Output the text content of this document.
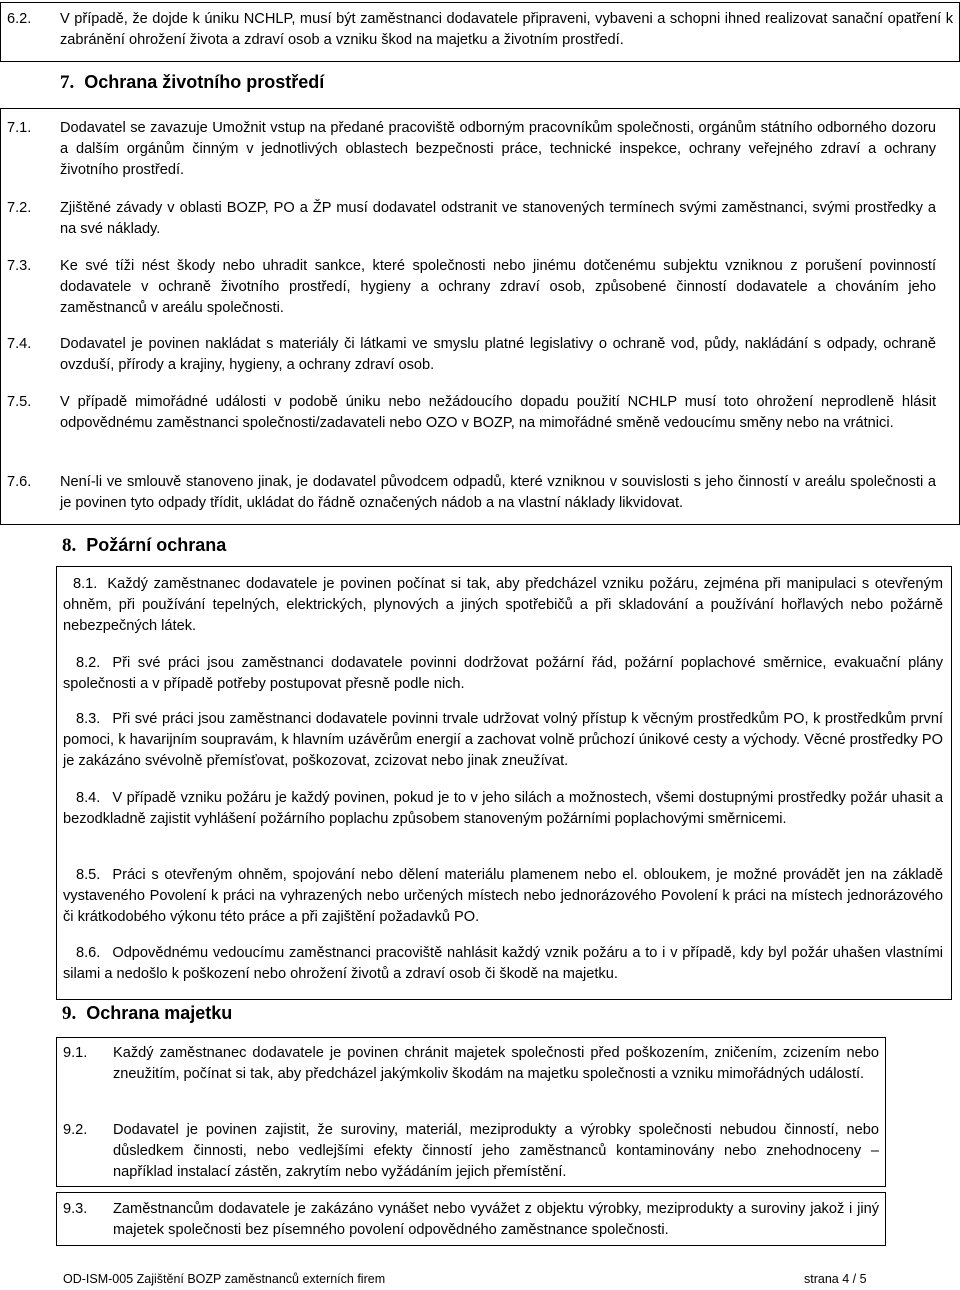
6.2. V případě, že dojde k úniku NCHLP, musí být zaměstnanci dodavatele připraveni, vybaveni a schopni ihned realizovat sanační opatření k zabránění ohrožení života a zdraví osob a vzniku škod na majetku a životním prostředí.
7. Ochrana životního prostředí
7.1. Dodavatel se zavazuje Umožnit vstup na předané pracoviště odborným pracovníkům společnosti, orgánům státního odborného dozoru a dalším orgánům činným v jednotlivých oblastech bezpečnosti práce, technické inspekce, ochrany veřejného zdraví a ochrany životního prostředí.
7.2. Zjištěné závady v oblasti BOZP, PO a ŽP musí dodavatel odstranit ve stanovených termínech svými zaměstnanci, svými prostředky a na své náklady.
7.3. Ke své tíži nést škody nebo uhradit sankce, které společnosti nebo jinému dotčenému subjektu vzniknou z porušení povinností dodavatele v ochraně životního prostředí, hygieny a ochrany zdraví osob, způsobené činností dodavatele a chováním jeho zaměstnanců v areálu společnosti.
7.4. Dodavatel je povinen nakládat s materiály či látkami ve smyslu platné legislativy o ochraně vod, půdy, nakládání s odpady, ochraně ovzduší, přírody a krajiny, hygieny, a ochrany zdraví osob.
7.5. V případě mimořádné události v podobě úniku nebo nežádoucího dopadu použití NCHLP musí toto ohrožení neprodleně hlásit odpovědnému zaměstnanci společnosti/zadavateli nebo OZO v BOZP, na mimořádné směně vedoucímu směny nebo na vrátnici.
7.6. Není-li ve smlouvě stanoveno jinak, je dodavatel původcem odpadů, které vzniknou v souvislosti s jeho činností v areálu společnosti a je povinen tyto odpady třídit, ukládat do řádně označených nádob a na vlastní náklady likvidovat.
8. Požární ochrana
8.1. Každý zaměstnanec dodavatele je povinen počínat si tak, aby předcházel vzniku požáru, zejména při manipulaci s otevřeným ohněm, při používání tepelných, elektrických, plynových a jiných spotřebičů a při skladování a používání hořlavých nebo požárně nebezpečných látek.
8.2. Při své práci jsou zaměstnanci dodavatele povinni dodržovat požární řád, požární poplachové směrnice, evakuační plány společnosti a v případě potřeby postupovat přesně podle nich.
8.3. Při své práci jsou zaměstnanci dodavatele povinni trvale udržovat volný přístup k věcným prostředkům PO, k prostředkům první pomoci, k havarijním soupravám, k hlavním uzávěrům energií a zachovat volně průchozí únikové cesty a východy. Věcné prostředky PO je zakázáno svévolně přemísťovat, poškozovat, zcizovat nebo jinak zneužívat.
8.4. V případě vzniku požáru je každý povinen, pokud je to v jeho silách a možnostech, všemi dostupnými prostředky požár uhasit a bezodkladně zajistit vyhlášení požárního poplachu způsobem stanoveným požárními poplachovými směrnicemi.
8.5. Práci s otevřeným ohněm, spojování nebo dělení materiálu plamenem nebo el. obloukem, je možné provádět jen na základě vystaveného Povolení k práci na vyhrazených nebo určených místech nebo jednorázového Povolení k práci na místech jednorázového či krátkodobého výkonu této práce a při zajištění požadavků PO.
8.6. Odpovědnému vedoucímu zaměstnanci pracoviště nahlásit každý vznik požáru a to i v případě, kdy byl požár uhašen vlastními silami a nedošlo k poškození nebo ohrožení životů a zdraví osob či škodě na majetku.
9. Ochrana majetku
9.1. Každý zaměstnanec dodavatele je povinen chránit majetek společnosti před poškozením, zničením, zcizením nebo zneužitím, počínat si tak, aby předcházel jakýmkoliv škodám na majetku společnosti a vzniku mimořádných událostí.
9.2. Dodavatel je povinen zajistit, že suroviny, materiál, meziprodukty a výrobky společnosti nebudou činností, nebo důsledkem činnosti, nebo vedlejšími efekty činností jeho zaměstnanců kontaminovány nebo znehodnoceny – například instalací zástěn, zakrytím nebo vyžádáním jejich přemístění.
9.3. Zaměstnancům dodavatele je zakázáno vynášet nebo vyvážet z objektu výrobky, meziprodukty a suroviny jakož i jiný majetek společnosti bez písemného povolení odpovědného zaměstnance společnosti.
OD-ISM-005 Zajištění BOZP zaměstnanců externích firem	strana 4 / 5
